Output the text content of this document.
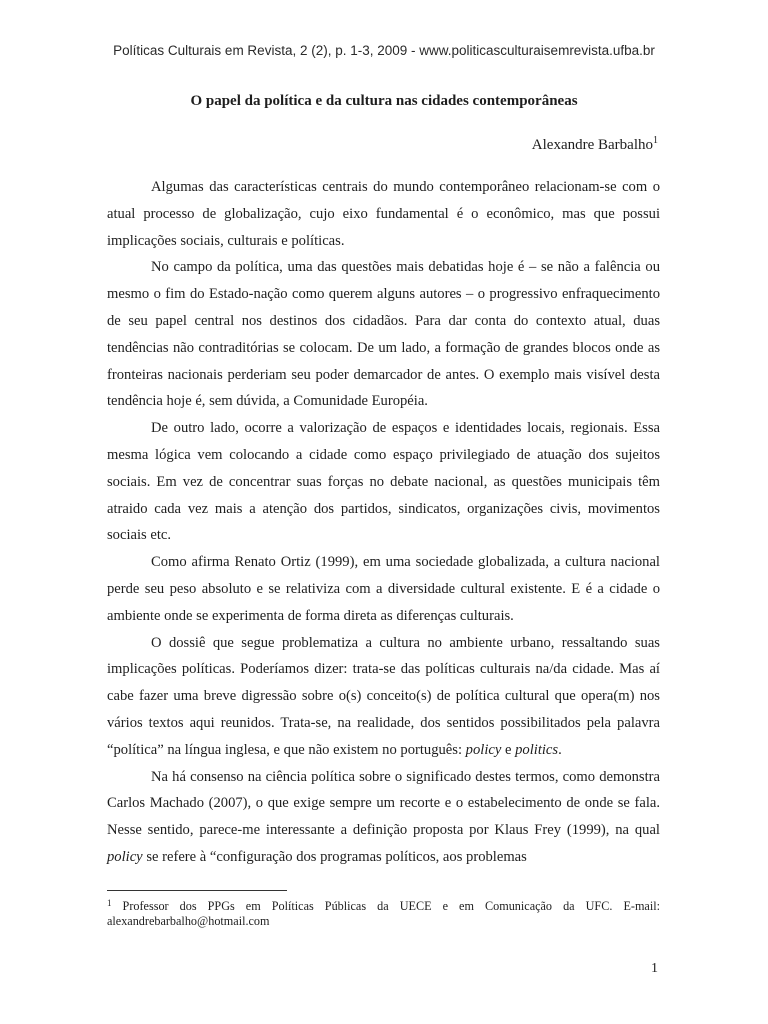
Políticas Culturais em Revista, 2 (2), p. 1-3, 2009 - www.politicasculturaisemrevista.ufba.br
O papel da política e da cultura nas cidades contemporâneas
Alexandre Barbalho$^1$

Algumas das características centrais do mundo contemporâneo relacionam-se com o atual processo de globalização, cujo eixo fundamental é o econômico, mas que possui implicações sociais, culturais e políticas.

No campo da política, uma das questões mais debatidas hoje é – se não a falência ou mesmo o fim do Estado-nação como querem alguns autores – o progressivo enfraquecimento de seu papel central nos destinos dos cidadãos. Para dar conta do contexto atual, duas tendências não contraditórias se colocam. De um lado, a formação de grandes blocos onde as fronteiras nacionais perderiam seu poder demarcador de antes. O exemplo mais visível desta tendência hoje é, sem dúvida, a Comunidade Européia.

De outro lado, ocorre a valorização de espaços e identidades locais, regionais. Essa mesma lógica vem colocando a cidade como espaço privilegiado de atuação dos sujeitos sociais. Em vez de concentrar suas forças no debate nacional, as questões municipais têm atraido cada vez mais a atenção dos partidos, sindicatos, organizações civis, movimentos sociais etc.

Como afirma Renato Ortiz (1999), em uma sociedade globalizada, a cultura nacional perde seu peso absoluto e se relativiza com a diversidade cultural existente. E é a cidade o ambiente onde se experimenta de forma direta as diferenças culturais.

O dossiê que segue problematiza a cultura no ambiente urbano, ressaltando suas implicações políticas. Poderíamos dizer: trata-se das políticas culturais na/da cidade. Mas aí cabe fazer uma breve digressão sobre o(s) conceito(s) de política cultural que opera(m) nos vários textos aqui reunidos. Trata-se, na realidade, dos sentidos possibilitados pela palavra “política” na língua inglesa, e que não existem no português: policy e politics.

Na há consenso na ciência política sobre o significado destes termos, como demonstra Carlos Machado (2007), o que exige sempre um recorte e o estabelecimento de onde se fala. Nesse sentido, parece-me interessante a definição proposta por Klaus Frey (1999), na qual policy se refere à “configuração dos programas políticos, aos problemas

$^1$ Professor dos PPGs em Políticas Públicas da UECE e em Comunicação da UFC. E-mail: alexandrebarbalho@hotmail.com
1
